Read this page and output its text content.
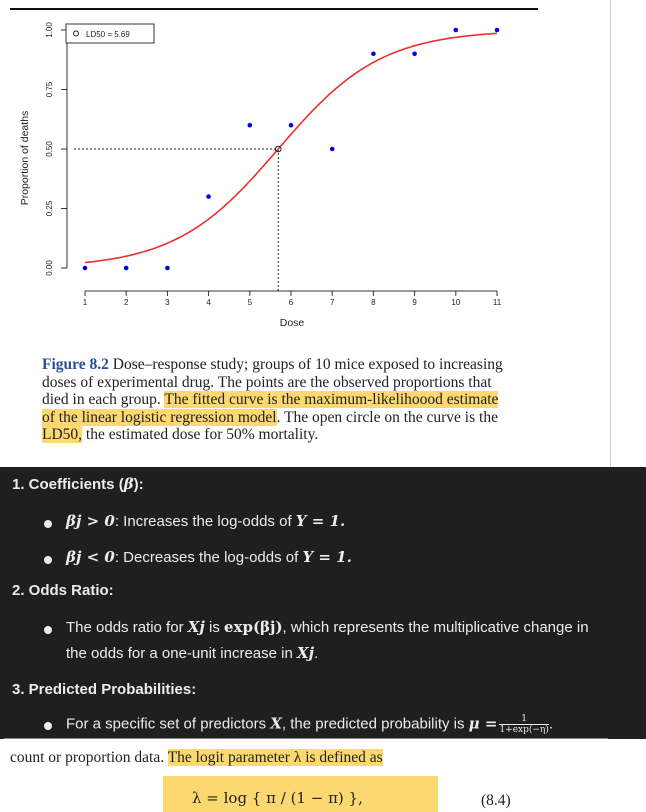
0.00
0.25
0.50
0.75
1.00
1	2	3	4	5	6	7	8	9	10	11
Dose
Proportion of deaths
LD50 = 5.69
Figure 8.2 Dose–response study; groups of 10 mice exposed to increasing doses of experimental drug. The points are the observed proportions that died in each group. The fitted curve is the maximum-likelihoood estimate of the linear logistic regression model. The open circle on the curve is the LD50, the estimated dose for 50% mortality.
1. Coefficients (β):
βj > 0: Increases the log-odds of Y = 1.
βj < 0: Decreases the log-odds of Y = 1.
2. Odds Ratio:
The odds ratio for Xj is exp(βj), which represents the multiplicative change in
the odds for a one-unit increase in Xj.
3. Predicted Probabilities:
For a specific set of predictors X, the predicted probability is $\mu = \frac{1}{1+\exp(-\eta)}$.
count or proportion data. The logit parameter λ is defined as
λ = log { π / (1 − π) },	(8.4)
